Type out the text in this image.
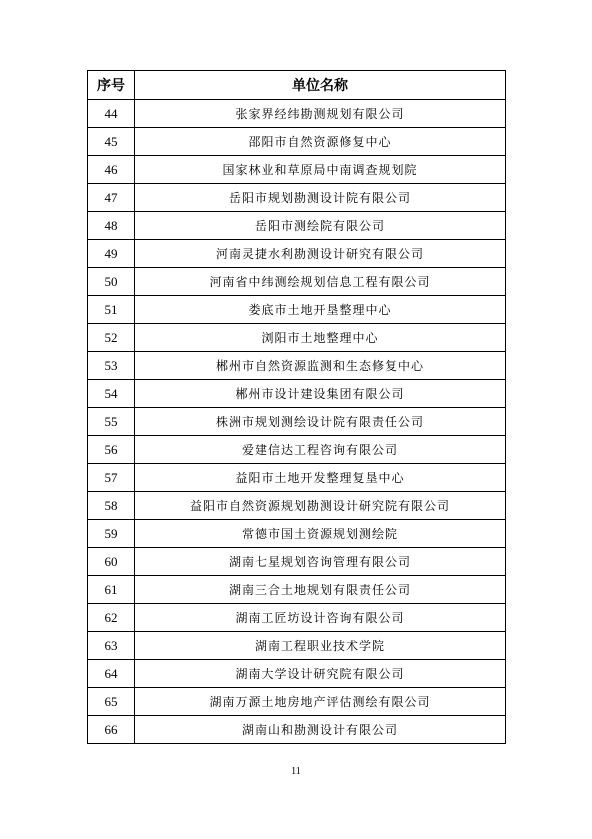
序号	单位名称
44	张家界经纬勘测规划有限公司
45	邵阳市自然资源修复中心
46	国家林业和草原局中南调查规划院
47	岳阳市规划勘测设计院有限公司
48	岳阳市测绘院有限公司
49	河南灵捷水利勘测设计研究有限公司
50	河南省中纬测绘规划信息工程有限公司
51	娄底市土地开垦整理中心
52	浏阳市土地整理中心
53	郴州市自然资源监测和生态修复中心
54	郴州市设计建设集团有限公司
55	株洲市规划测绘设计院有限责任公司
56	爱建信达工程咨询有限公司
57	益阳市土地开发整理复垦中心
58	益阳市自然资源规划勘测设计研究院有限公司
59	常德市国土资源规划测绘院
60	湖南七星规划咨询管理有限公司
61	湖南三合土地规划有限责任公司
62	湖南工匠坊设计咨询有限公司
63	湖南工程职业技术学院
64	湖南大学设计研究院有限公司
65	湖南万源土地房地产评估测绘有限公司
66	湖南山和勘测设计有限公司
11
